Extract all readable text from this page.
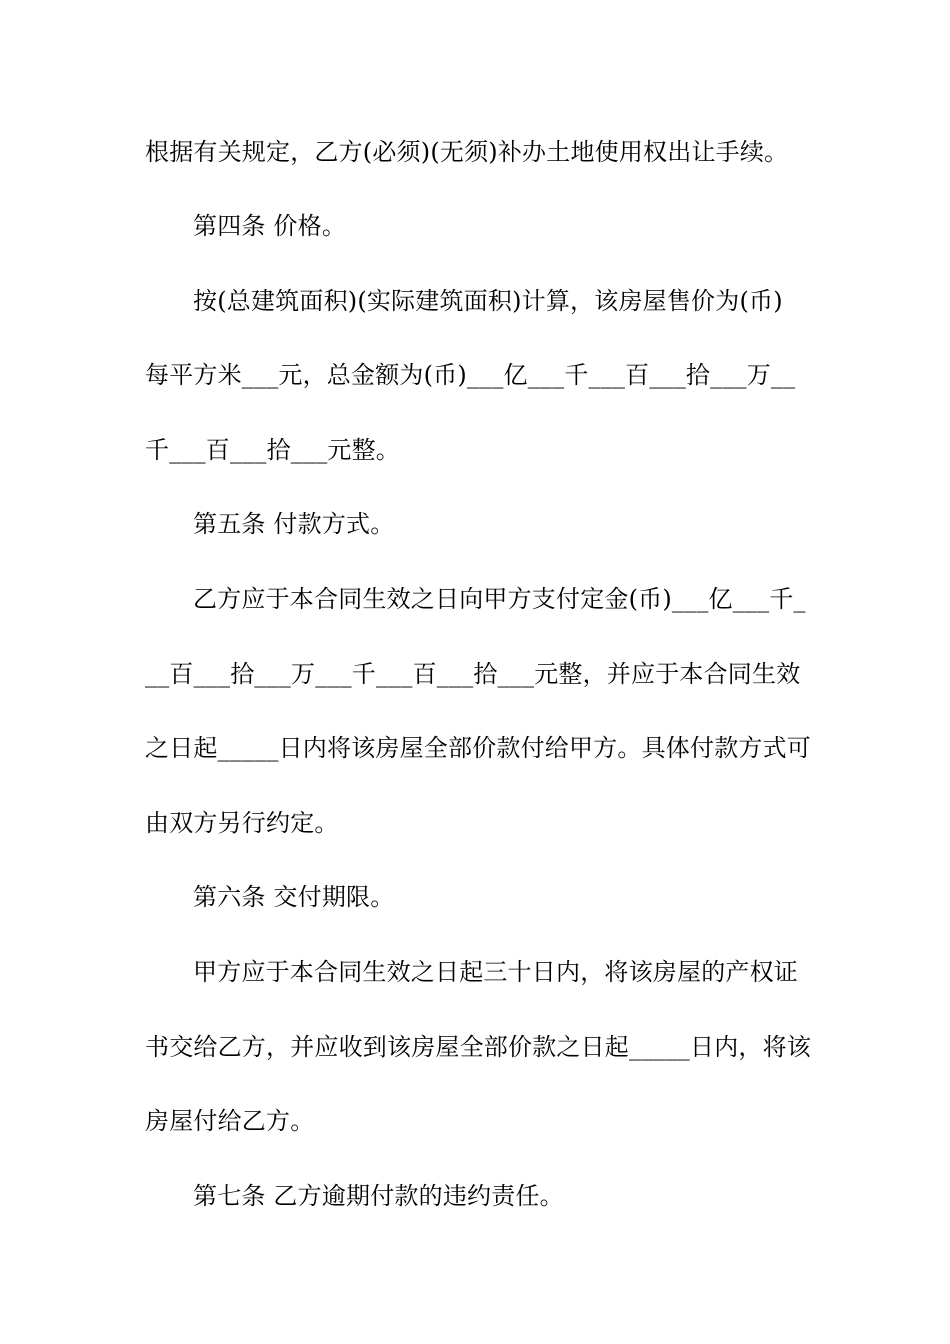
根据有关规定，乙方(必须)(无须)补办土地使用权出让手续。
第四条 价格。
按(总建筑面积)(实际建筑面积)计算，该房屋售价为(币)
每平方米___元，总金额为(币)___亿___千___百___拾___万__
千___百___拾___元整。
第五条 付款方式。
乙方应于本合同生效之日向甲方支付定金(币)___亿___千_
__百___拾___万___千___百___拾___元整，并应于本合同生效
之日起_____日内将该房屋全部价款付给甲方。具体付款方式可
由双方另行约定。
第六条 交付期限。
甲方应于本合同生效之日起三十日内，将该房屋的产权证
书交给乙方，并应收到该房屋全部价款之日起_____日内，将该
房屋付给乙方。
第七条 乙方逾期付款的违约责任。
